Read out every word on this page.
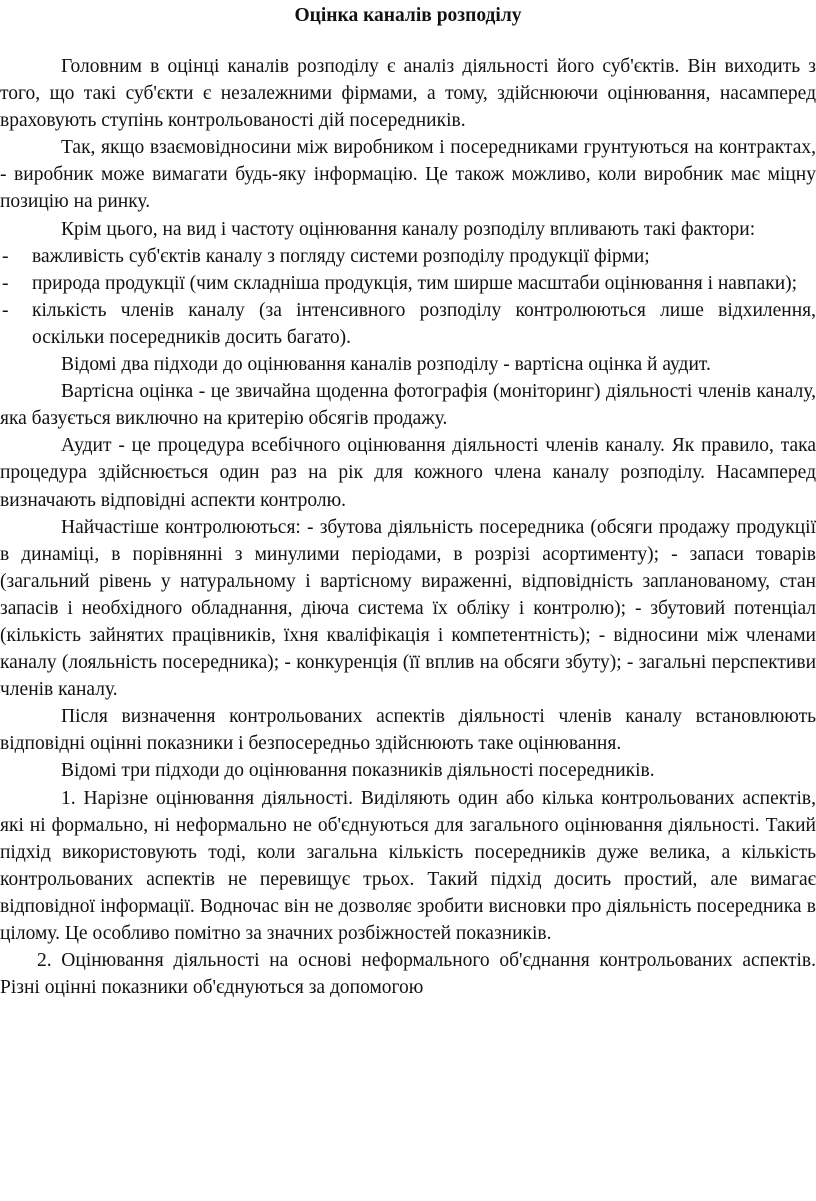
Оцінка каналів розподілу

Головним в оцінці каналів розподілу є аналіз діяльності його суб'єктів. Він виходить з того, що такі суб'єкти є незалежними фірмами, а тому, здійснюючи оцінювання, насамперед враховують ступінь контрольованості дій посередників.

Так, якщо взаємовідносини між виробником і посередниками грунтуються на контрактах, - виробник може вимагати будь-яку інформацію. Це також можливо, коли виробник має міцну позицію на ринку.

Крім цього, на вид і частоту оцінювання каналу розподілу впливають такі фактори:

- важливість суб'єктів каналу з погляду системи розподілу продукції фірми;
- природа продукції (чим складніша продукція, тим ширше масштаби оцінювання і навпаки);
- кількість членів каналу (за інтенсивного розподілу контролюються лише відхилення, оскільки посередників досить багато).

Відомі два підходи до оцінювання каналів розподілу - вартісна оцінка й аудит.

Вартісна оцінка - це звичайна щоденна фотографія (моніторинг) діяльності членів каналу, яка базується виключно на критерію обсягів продажу.

Аудит - це процедура всебічного оцінювання діяльності членів каналу. Як правило, така процедура здійснюється один раз на рік для кожного члена каналу розподілу. Насамперед визначають відповідні аспекти контролю.

Найчастіше контролюються: - збутова діяльність посередника (обсяги продажу продукції в динаміці, в порівнянні з минулими періодами, в розрізі асортименту); - запаси товарів (загальний рівень у натуральному і вартісному вираженні, відповідність запланованому, стан запасів і необхідного обладнання, діюча система їх обліку і контролю); - збутовий потенціал (кількість зайнятих працівників, їхня кваліфікація і компетентність); - відносини між членами каналу (лояльність посередника); - конкуренція (її вплив на обсяги збуту); - загальні перспективи членів каналу.

Після визначення контрольованих аспектів діяльності членів каналу встановлюють відповідні оцінні показники і безпосередньо здійснюють таке оцінювання.

Відомі три підходи до оцінювання показників діяльності посередників.

1. Нарізне оцінювання діяльності. Виділяють один або кілька контрольованих аспектів, які ні формально, ні неформально не об'єднуються для загального оцінювання діяльності. Такий підхід використовують тоді, коли загальна кількість посередників дуже велика, а кількість контрольованих аспектів не перевищує трьох. Такий підхід досить простий, але вимагає відповідної інформації. Водночас він не дозволяє зробити висновки про діяльність посередника в цілому. Це особливо помітно за значних розбіжностей показників.

2. Оцінювання діяльності на основі неформального об'єднання контрольованих аспектів. Різні оцінні показники об'єднуються за допомогою
